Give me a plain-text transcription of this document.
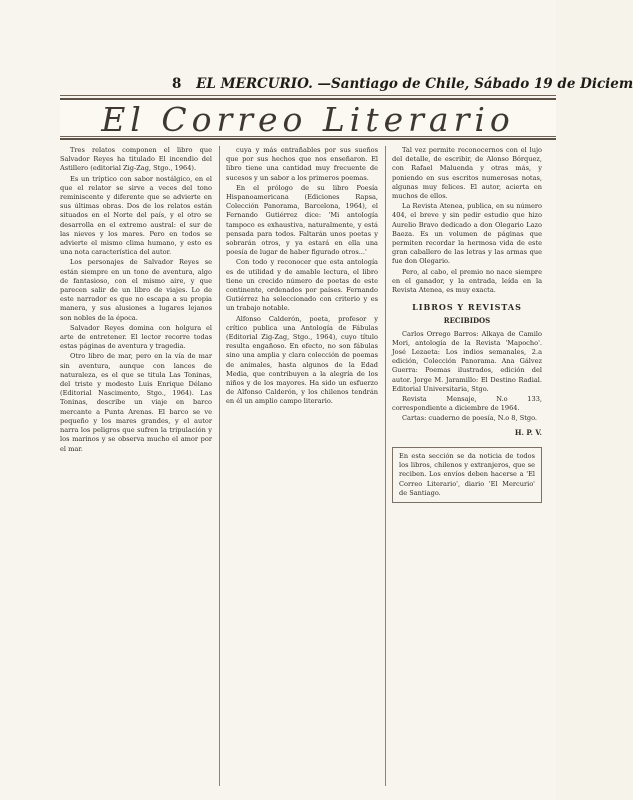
8 EL MERCURIO. —Santiago de Chile, Sábado 19 de Diciem
El Correo Literario

Tres relatos componen el libro que Salvador Reyes ha titulado El incendio del Astillero (editorial Zig-Zag, Stgo., 1964).

Es un tríptico con sabor nostálgico, en el que el relator se sirve a veces del tono reminiscente y diferente que se advierte en sus últimas obras. Dos de los relatos están situados en el Norte del país, y el otro se desarrolla en el extremo austral: el sur de las nieves y los mares. Pero en todos se advierte el mismo clima humano, y esto es una nota característica del autor.

Los personajes de Salvador Reyes se están siempre en un tono de aventura, algo de fantasioso, con el mismo aire, y que parecen salir de un libro de viajes. Lo de este narrador es que no escapa a su propia manera, y sus alusiones a lugares lejanos son nobles de la época.

Salvador Reyes domina con holgura el arte de entretener. El lector recorre todas estas páginas de aventura y tragedia.

Otro libro de mar, pero en la vía de mar sin aventura, aunque con lances de naturaleza, es el que se titula Las Toninas, del triste y modesto Luis Enrique Délano (Editorial Nascimento, Stgo., 1964). Las Toninas, describe un viaje en barco mercante a Punta Arenas. El barco se ve pequeño y los mares grandes, y el autor narra los peligros que sufren la tripulación y los marinos y se observa mucho el amor por el mar.

cuya y más entrañables por sus sueños que por sus hechos que nos enseñaron. El libro tiene una cantidad muy frecuente de sucesos y un sabor a los primeros poemas.

En el prólogo de su libro Poesía Hispanoamericana (Ediciones Rapsa, Colección Panorama, Barcelona, 1964), el Fernando Gutiérrez dice: 'Mi antología tampoco es exhaustiva, naturalmente, y está pensada para todos. Faltarán unos poetas y sobrarán otros, y ya estará en ella una poesía de lugar de haber figurado otros...'

Con todo y reconocer que esta antología es de utilidad y de amable lectura, el libro tiene un crecido número de poetas de este continente, ordenados por países. Fernando Gutiérrez ha seleccionado con criterio y es un trabajo notable.

Alfonso Calderón, poeta, profesor y crítico publica una Antología de Fábulas (Editorial Zig-Zag, Stgo., 1964), cuyo título resulta engañoso. En efecto, no son fábulas sino una amplia y clara colección de poemas de animales, hasta algunos de la Edad Media, que contribuyen a la alegría de los niños y de los mayores. Ha sido un esfuerzo de Alfonso Calderón, y los chilenos tendrán en él un amplio campo literario.

Tal vez permite reconocernos con el lujo del detalle, de escribir, de Alonso Bórquez, con Rafael Maluenda y otras más, y poniendo en sus escritos numerosas notas, algunas muy felices. El autor, acierta en muchos de ellos.

La Revista Atenea, publica, en su número 404, el breve y sin pedir estudio que hizo Aurelio Bravo dedicado a don Olegario Lazo Baeza. Es un volumen de páginas que permiten recordar la hermosa vida de este gran caballero de las letras y las armas que fue don Olegario.

Pero, al cabo, el premio no nace siempre en el ganador, y la entrada, leída en la Revista Atenea, es muy exacta.

LIBROS Y REVISTAS
RECIBIDOS

Carlos Orrego Barros: Alkaya de Camilo Mori, antología de la Revista 'Mapocho'. José Lezaeta: Los indios semanales, 2.a edición, Colección Panorama. Ana Gálvez Guerra: Poemas ilustrados, edición del autor. Jorge M. Jaramillo: El Destino Radial. Editorial Universitaria, Stgo.

Revista Mensaje, N.o 133, correspondiente a diciembre de 1964.

Cartas: cuaderno de poesía, N.o 8, Stgo.

H. P. V.

En esta sección se da noticia de todos los libros, chilenos y extranjeros, que se reciben. Los envíos deben hacerse a 'El Correo Literario', diario 'El Mercurio' de Santiago.
